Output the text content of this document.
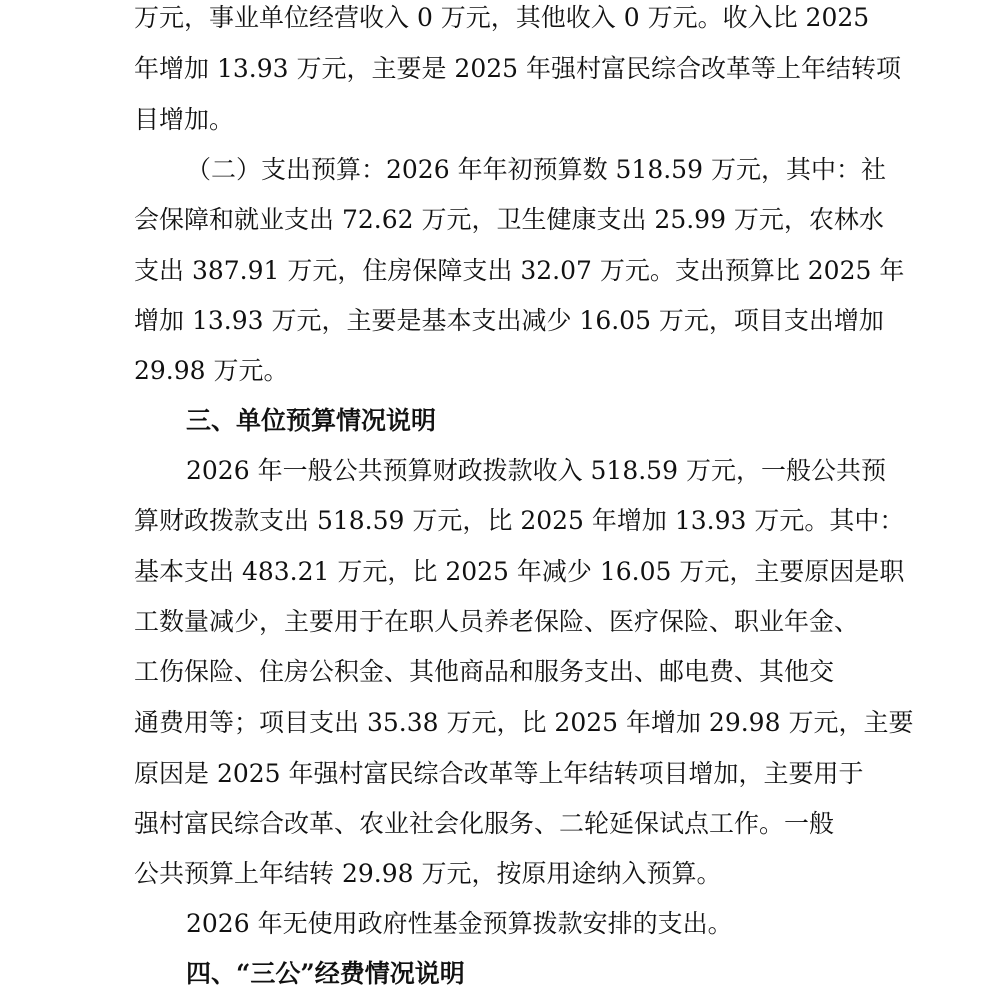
万元，事业单位经营收入 0 万元，其他收入 0 万元。收入比 2025
年增加 13.93 万元，主要是 2025 年强村富民综合改革等上年结转项
目增加。
（二）支出预算：2026 年年初预算数 518.59 万元，其中：社
会保障和就业支出 72.62 万元，卫生健康支出 25.99 万元，农林水
支出 387.91 万元，住房保障支出 32.07 万元。支出预算比 2025 年
增加 13.93 万元，主要是基本支出减少 16.05 万元，项目支出增加
29.98 万元。
三、单位预算情况说明
2026 年一般公共预算财政拨款收入 518.59 万元，一般公共预
算财政拨款支出 518.59 万元，比 2025 年增加 13.93 万元。其中：
基本支出 483.21 万元，比 2025 年减少 16.05 万元，主要原因是职
工数量减少，主要用于在职人员养老保险、医疗保险、职业年金、
工伤保险、住房公积金、其他商品和服务支出、邮电费、其他交
通费用等；项目支出 35.38 万元，比 2025 年增加 29.98 万元，主要
原因是 2025 年强村富民综合改革等上年结转项目增加，主要用于
强村富民综合改革、农业社会化服务、二轮延保试点工作。一般
公共预算上年结转 29.98 万元，按原用途纳入预算。
2026 年无使用政府性基金预算拨款安排的支出。
四、“三公”经费情况说明
